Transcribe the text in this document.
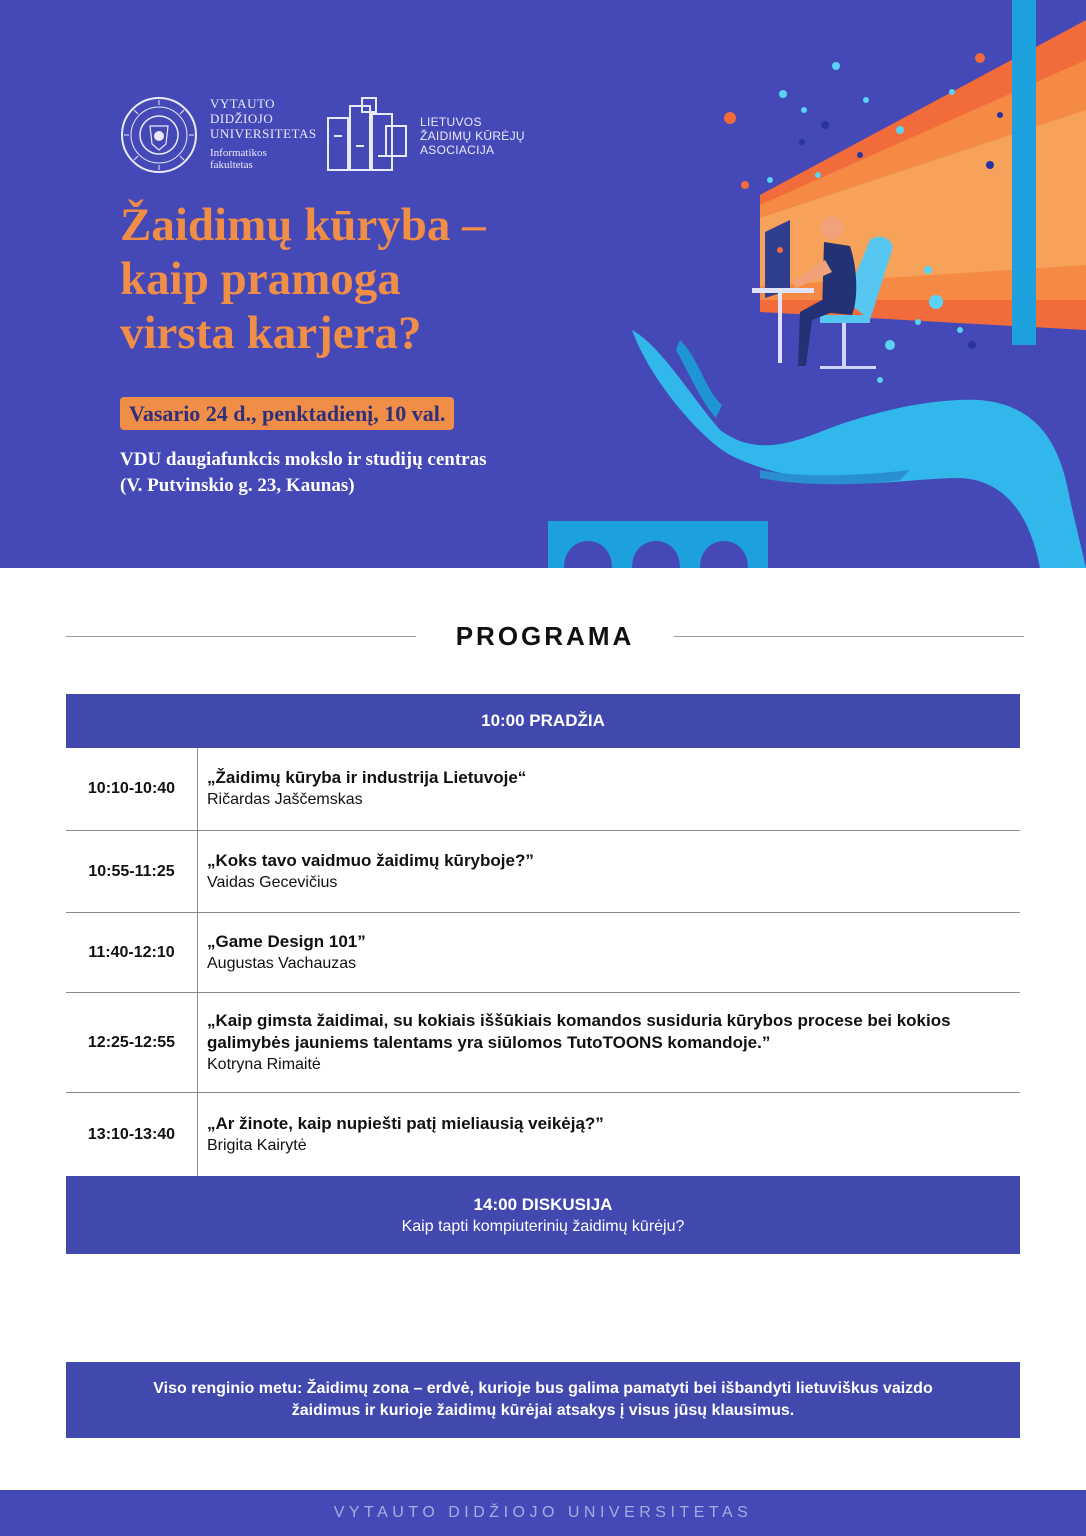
VYTAUTO
DIDŽIOJO
UNIVERSITETAS
Informatikos
fakultetas
LIETUVOS
ŽAIDIMŲ KŪRĖJŲ
ASOCIACIJA
Žaidimų kūryba –
kaip pramoga
virsta karjera?
Vasario 24 d., penktadienį, 10 val.
VDU daugiafunkcis mokslo ir studijų centras
(V. Putvinskio g. 23, Kaunas)
PROGRAMA
10:00 PRADŽIA
10:10-10:40
„Žaidimų kūryba ir industrija Lietuvoje“
Ričardas Jaščemskas
10:55-11:25
„Koks tavo vaidmuo žaidimų kūryboje?”
Vaidas Gecevičius
11:40-12:10
„Game Design 101”
Augustas Vachauzas
12:25-12:55
„Kaip gimsta žaidimai, su kokiais iššūkiais komandos susiduria kūrybos procese bei kokios galimybės jauniems talentams yra siūlomos TutoTOONS komandoje.”
Kotryna Rimaitė
13:10-13:40
„Ar žinote, kaip nupiešti patį mieliausią veikėją?”
Brigita Kairytė
14:00 DISKUSIJA
Kaip tapti kompiuterinių žaidimų kūrėju?

Viso renginio metu: Žaidimų zona – erdvė, kurioje bus galima pamatyti bei išbandyti lietuviškus vaizdo žaidimus ir kurioje žaidimų kūrėjai atsakys į visus jūsų klausimus.

VYTAUTO DIDŽIOJO UNIVERSITETAS
